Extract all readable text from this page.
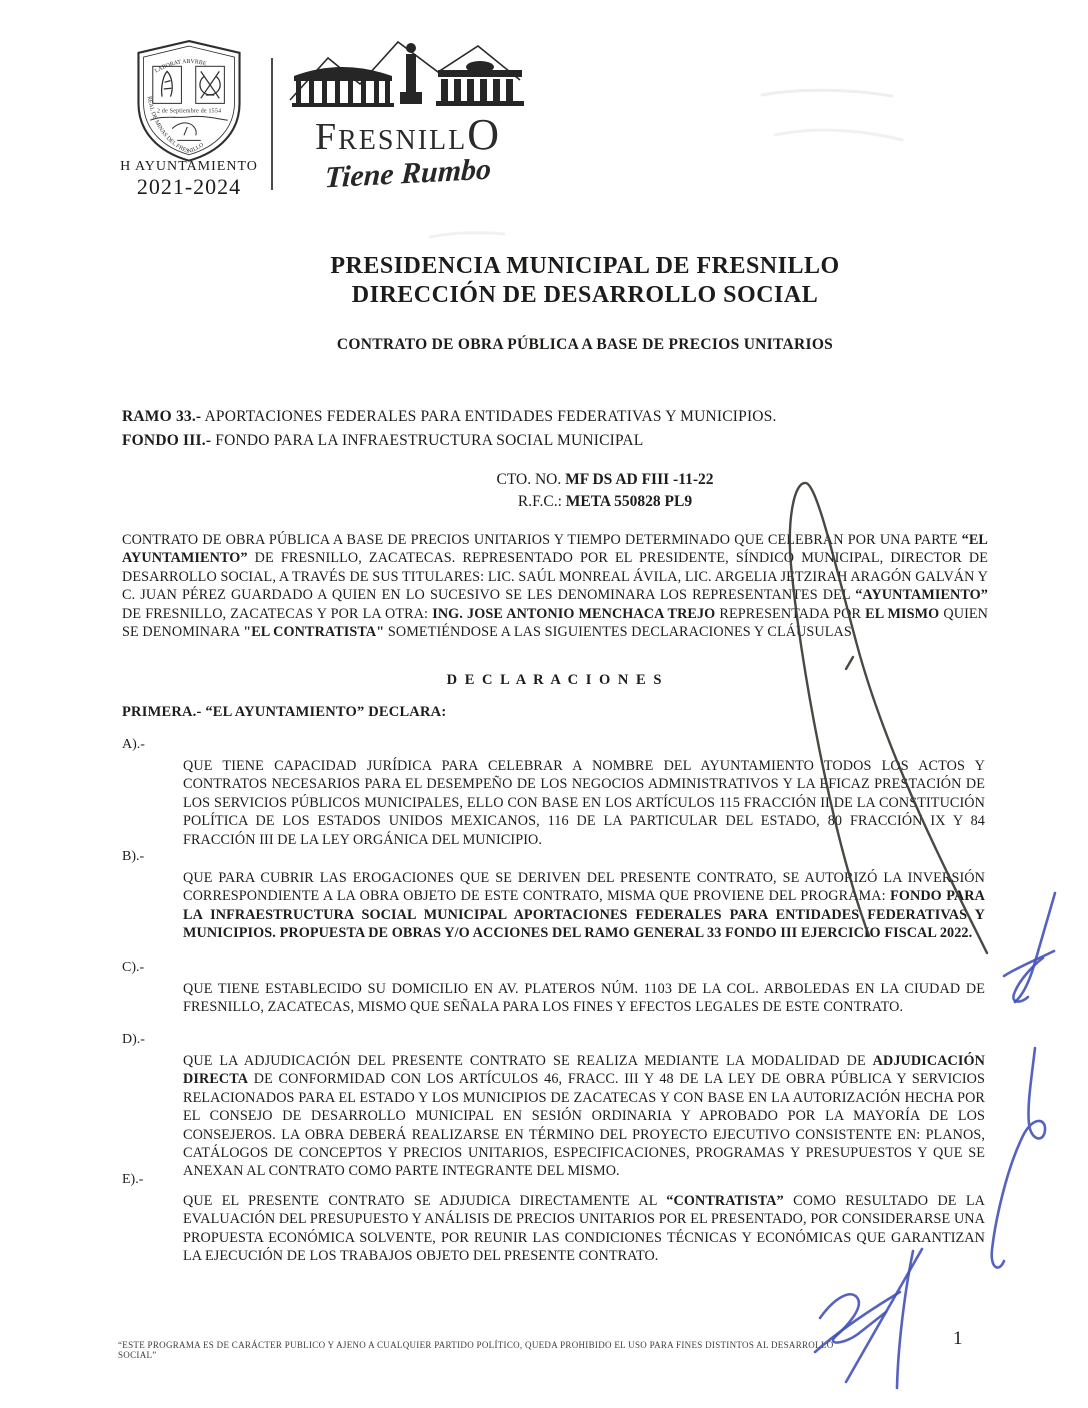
LABORAT ABVRBE
2 de Septiembre de 1554
REAL DE MINAS DEL FRESNILLO
H AYUNTAMIENTO
2021-2024
FRESNILLO
Tiene Rumbo
PRESIDENCIA MUNICIPAL DE FRESNILLO
DIRECCIÓN DE DESARROLLO SOCIAL
CONTRATO DE OBRA PÚBLICA A BASE DE PRECIOS UNITARIOS
RAMO 33.- APORTACIONES FEDERALES PARA ENTIDADES FEDERATIVAS Y MUNICIPIOS.
FONDO III.- FONDO PARA LA INFRAESTRUCTURA SOCIAL MUNICIPAL
CTO. NO. MF DS AD FIII -11-22
R.F.C.: META 550828 PL9
CONTRATO DE OBRA PÚBLICA A BASE DE PRECIOS UNITARIOS Y TIEMPO DETERMINADO QUE CELEBRAN POR UNA PARTE “EL AYUNTAMIENTO” DE FRESNILLO, ZACATECAS. REPRESENTADO POR EL PRESIDENTE, SÍNDICO MUNICIPAL, DIRECTOR DE DESARROLLO SOCIAL, A TRAVÉS DE SUS TITULARES: LIC. SAÚL MONREAL ÁVILA, LIC. ARGELIA JETZIRAH ARAGÓN GALVÁN Y C. JUAN PÉREZ GUARDADO A QUIEN EN LO SUCESIVO SE LES DENOMINARA LOS REPRESENTANTES DEL “AYUNTAMIENTO” DE FRESNILLO, ZACATECAS Y POR LA OTRA: ING. JOSE ANTONIO MENCHACA TREJO REPRESENTADA POR EL MISMO QUIEN SE DENOMINARA "EL CONTRATISTA" SOMETIÉNDOSE A LAS SIGUIENTES DECLARACIONES Y CLÁUSULAS
D E C L A R A C I O N E S
PRIMERA.- “EL AYUNTAMIENTO” DECLARA:
A).-
QUE TIENE CAPACIDAD JURÍDICA PARA CELEBRAR A NOMBRE DEL AYUNTAMIENTO TODOS LOS ACTOS Y CONTRATOS NECESARIOS PARA EL DESEMPEÑO DE LOS NEGOCIOS ADMINISTRATIVOS Y LA EFICAZ PRESTACIÓN DE LOS SERVICIOS PÚBLICOS MUNICIPALES, ELLO CON BASE EN LOS ARTÍCULOS 115 FRACCIÓN II DE LA CONSTITUCIÓN POLÍTICA DE LOS ESTADOS UNIDOS MEXICANOS, 116 DE LA PARTICULAR DEL ESTADO, 80 FRACCIÓN IX Y 84 FRACCIÓN III DE LA LEY ORGÁNICA DEL MUNICIPIO.
B).-
QUE PARA CUBRIR LAS EROGACIONES QUE SE DERIVEN DEL PRESENTE CONTRATO, SE AUTORIZÓ LA INVERSIÓN CORRESPONDIENTE A LA OBRA OBJETO DE ESTE CONTRATO, MISMA QUE PROVIENE DEL PROGRAMA: FONDO PARA LA INFRAESTRUCTURA SOCIAL MUNICIPAL APORTACIONES FEDERALES PARA ENTIDADES FEDERATIVAS Y MUNICIPIOS. PROPUESTA DE OBRAS Y/O ACCIONES DEL RAMO GENERAL 33 FONDO III EJERCICIO FISCAL 2022.
C).-
QUE TIENE ESTABLECIDO SU DOMICILIO EN AV. PLATEROS NÚM. 1103 DE LA COL. ARBOLEDAS EN LA CIUDAD DE FRESNILLO, ZACATECAS, MISMO QUE SEÑALA PARA LOS FINES Y EFECTOS LEGALES DE ESTE CONTRATO.
D).-
QUE LA ADJUDICACIÓN DEL PRESENTE CONTRATO SE REALIZA MEDIANTE LA MODALIDAD DE ADJUDICACIÓN DIRECTA DE CONFORMIDAD CON LOS ARTÍCULOS 46, FRACC. III Y 48 DE LA LEY DE OBRA PÚBLICA Y SERVICIOS RELACIONADOS PARA EL ESTADO Y LOS MUNICIPIOS DE ZACATECAS Y CON BASE EN LA AUTORIZACIÓN HECHA POR EL CONSEJO DE DESARROLLO MUNICIPAL EN SESIÓN ORDINARIA Y APROBADO POR LA MAYORÍA DE LOS CONSEJEROS. LA OBRA DEBERÁ REALIZARSE EN TÉRMINO DEL PROYECTO EJECUTIVO CONSISTENTE EN: PLANOS, CATÁLOGOS DE CONCEPTOS Y PRECIOS UNITARIOS, ESPECIFICACIONES, PROGRAMAS Y PRESUPUESTOS Y QUE SE ANEXAN AL CONTRATO COMO PARTE INTEGRANTE DEL MISMO.
E).-
QUE EL PRESENTE CONTRATO SE ADJUDICA DIRECTAMENTE AL “CONTRATISTA” COMO RESULTADO DE LA EVALUACIÓN DEL PRESUPUESTO Y ANÁLISIS DE PRECIOS UNITARIOS POR EL PRESENTADO, POR CONSIDERARSE UNA PROPUESTA ECONÓMICA SOLVENTE, POR REUNIR LAS CONDICIONES TÉCNICAS Y ECONÓMICAS QUE GARANTIZAN LA EJECUCIÓN DE LOS TRABAJOS OBJETO DEL PRESENTE CONTRATO.
“ESTE PROGRAMA ES DE CARÁCTER PUBLICO Y AJENO A CUALQUIER PARTIDO POLÍTICO, QUEDA PROHIBIDO EL USO PARA FINES DISTINTOS AL DESARROLLO SOCIAL”
1
